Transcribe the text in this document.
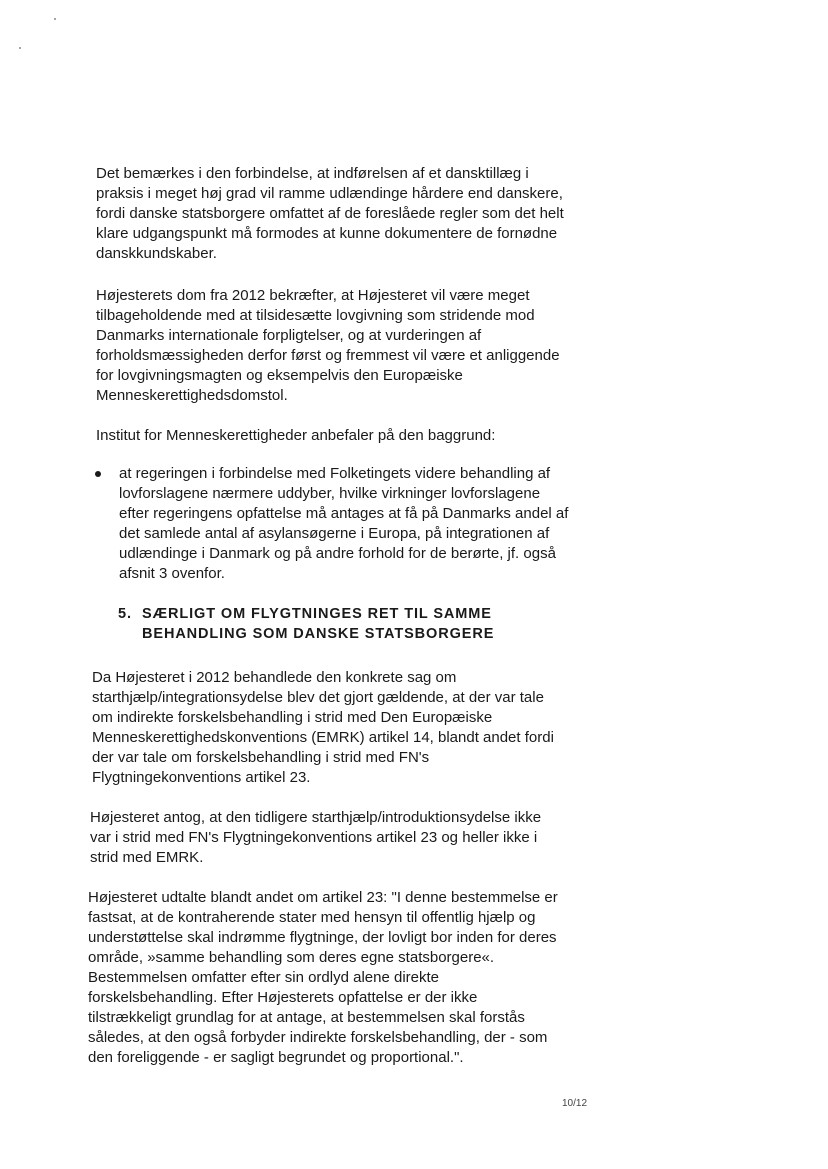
Det bemærkes i den forbindelse, at indførelsen af et dansktillæg i
praksis i meget høj grad vil ramme udlændinge hårdere end danskere,
fordi danske statsborgere omfattet af de foreslåede regler som det helt
klare udgangspunkt må formodes at kunne dokumentere de fornødne
danskkundskaber.

Højesterets dom fra 2012 bekræfter, at Højesteret vil være meget
tilbageholdende med at tilsidesætte lovgivning som stridende mod
Danmarks internationale forpligtelser, og at vurderingen af
forholdsmæssigheden derfor først og fremmest vil være et anliggende
for lovgivningsmagten og eksempelvis den Europæiske
Menneskerettighedsdomstol.

Institut for Menneskerettigheder anbefaler på den baggrund:

at regeringen i forbindelse med Folketingets videre behandling af
lovforslagene nærmere uddyber, hvilke virkninger lovforslagene
efter regeringens opfattelse må antages at få på Danmarks andel af
det samlede antal af asylansøgerne i Europa, på integrationen af
udlændinge i Danmark og på andre forhold for de berørte, jf. også
afsnit 3 ovenfor.
5. SÆRLIGT OM FLYGTNINGES RET TIL SAMME
BEHANDLING SOM DANSKE STATSBORGERE

Da Højesteret i 2012 behandlede den konkrete sag om
starthjælp/integrationsydelse blev det gjort gældende, at der var tale
om indirekte forskelsbehandling i strid med Den Europæiske
Menneskerettighedskonventions (EMRK) artikel 14, blandt andet fordi
der var tale om forskelsbehandling i strid med FN's
Flygtningekonventions artikel 23.

Højesteret antog, at den tidligere starthjælp/introduktionsydelse ikke
var i strid med FN's Flygtningekonventions artikel 23 og heller ikke i
strid med EMRK.

Højesteret udtalte blandt andet om artikel 23: "I denne bestemmelse er
fastsat, at de kontraherende stater med hensyn til offentlig hjælp og
understøttelse skal indrømme flygtninge, der lovligt bor inden for deres
område, »samme behandling som deres egne statsborgere«.
Bestemmelsen omfatter efter sin ordlyd alene direkte
forskelsbehandling. Efter Højesterets opfattelse er der ikke
tilstrækkeligt grundlag for at antage, at bestemmelsen skal forstås
således, at den også forbyder indirekte forskelsbehandling, der - som
den foreliggende - er sagligt begrundet og proportional.".

10/12
